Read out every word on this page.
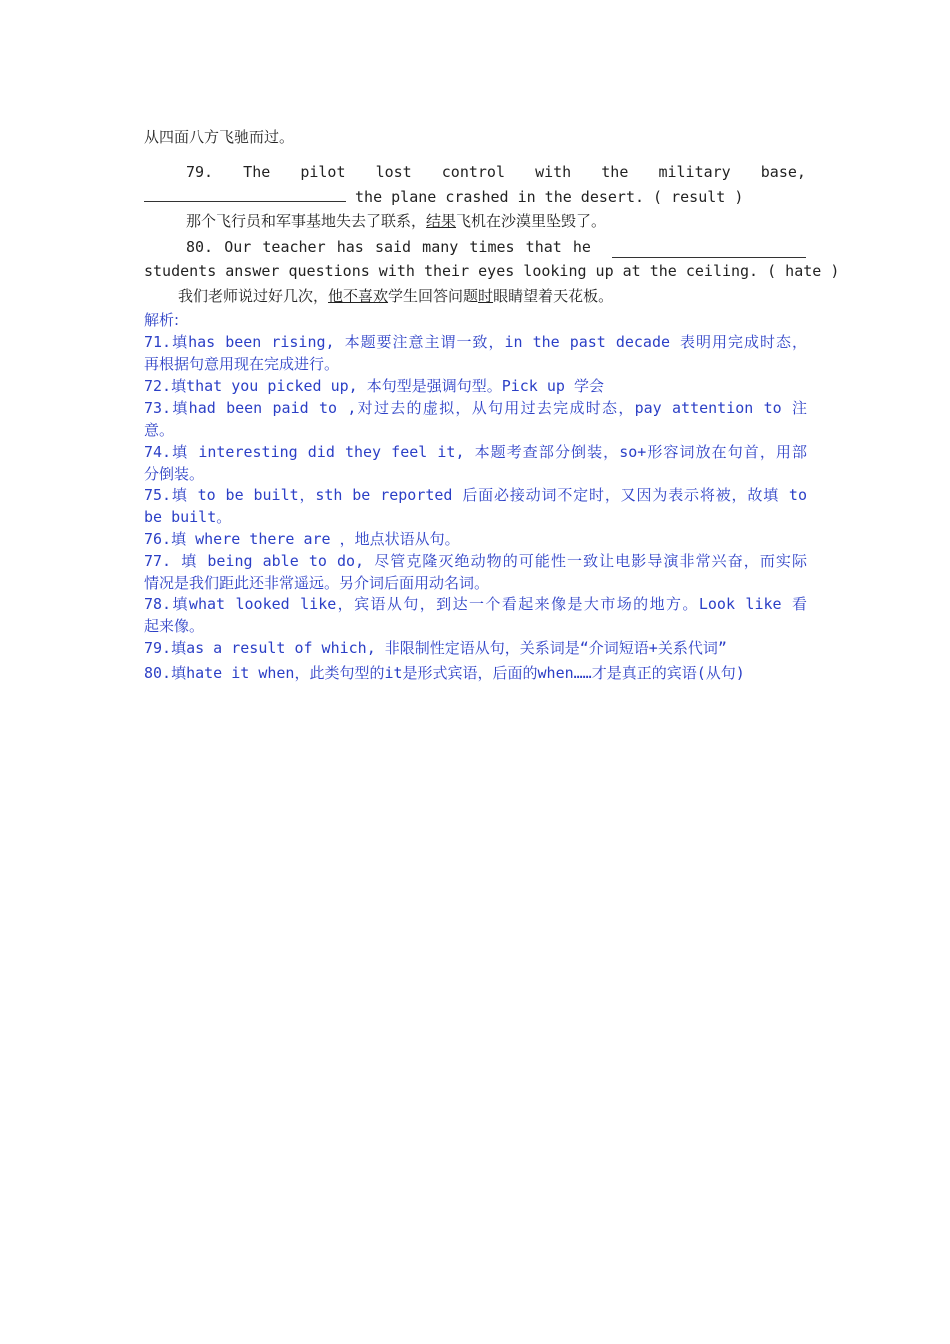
从四面八方飞驰而过。
79. The pilot lost control with the military base,
the plane crashed in the desert. ( result )
那个飞行员和军事基地失去了联系，结果飞机在沙漠里坠毁了。
80. Our teacher has said many times that he
students answer questions with their eyes looking up at the ceiling. ( hate )
我们老师说过好几次，他不喜欢学生回答问题时眼睛望着天花板。
解析:
71.填has been rising, 本题要注意主谓一致，in the past decade 表明用完成时态，
再根据句意用现在完成进行。
72.填that you picked up, 本句型是强调句型。Pick up 学会
73.填had been paid to ,对过去的虚拟，从句用过去完成时态，pay attention to 注
意。
74.填 interesting did they feel it, 本题考查部分倒装，so+形容词放在句首，用部
分倒装。
75.填 to be built，sth be reported 后面必接动词不定时，又因为表示将被，故填 to
be built。
76.填 where there are ，地点状语从句。
77. 填 being able to do, 尽管克隆灭绝动物的可能性一致让电影导演非常兴奋，而实际
情况是我们距此还非常遥远。另介词后面用动名词。
78.填what looked like，宾语从句，到达一个看起来像是大市场的地方。Look like 看
起来像。
79.填as a result of which, 非限制性定语从句，关系词是“介词短语+关系代词”
80.填hate it when，此类句型的it是形式宾语，后面的when……才是真正的宾语(从句)
